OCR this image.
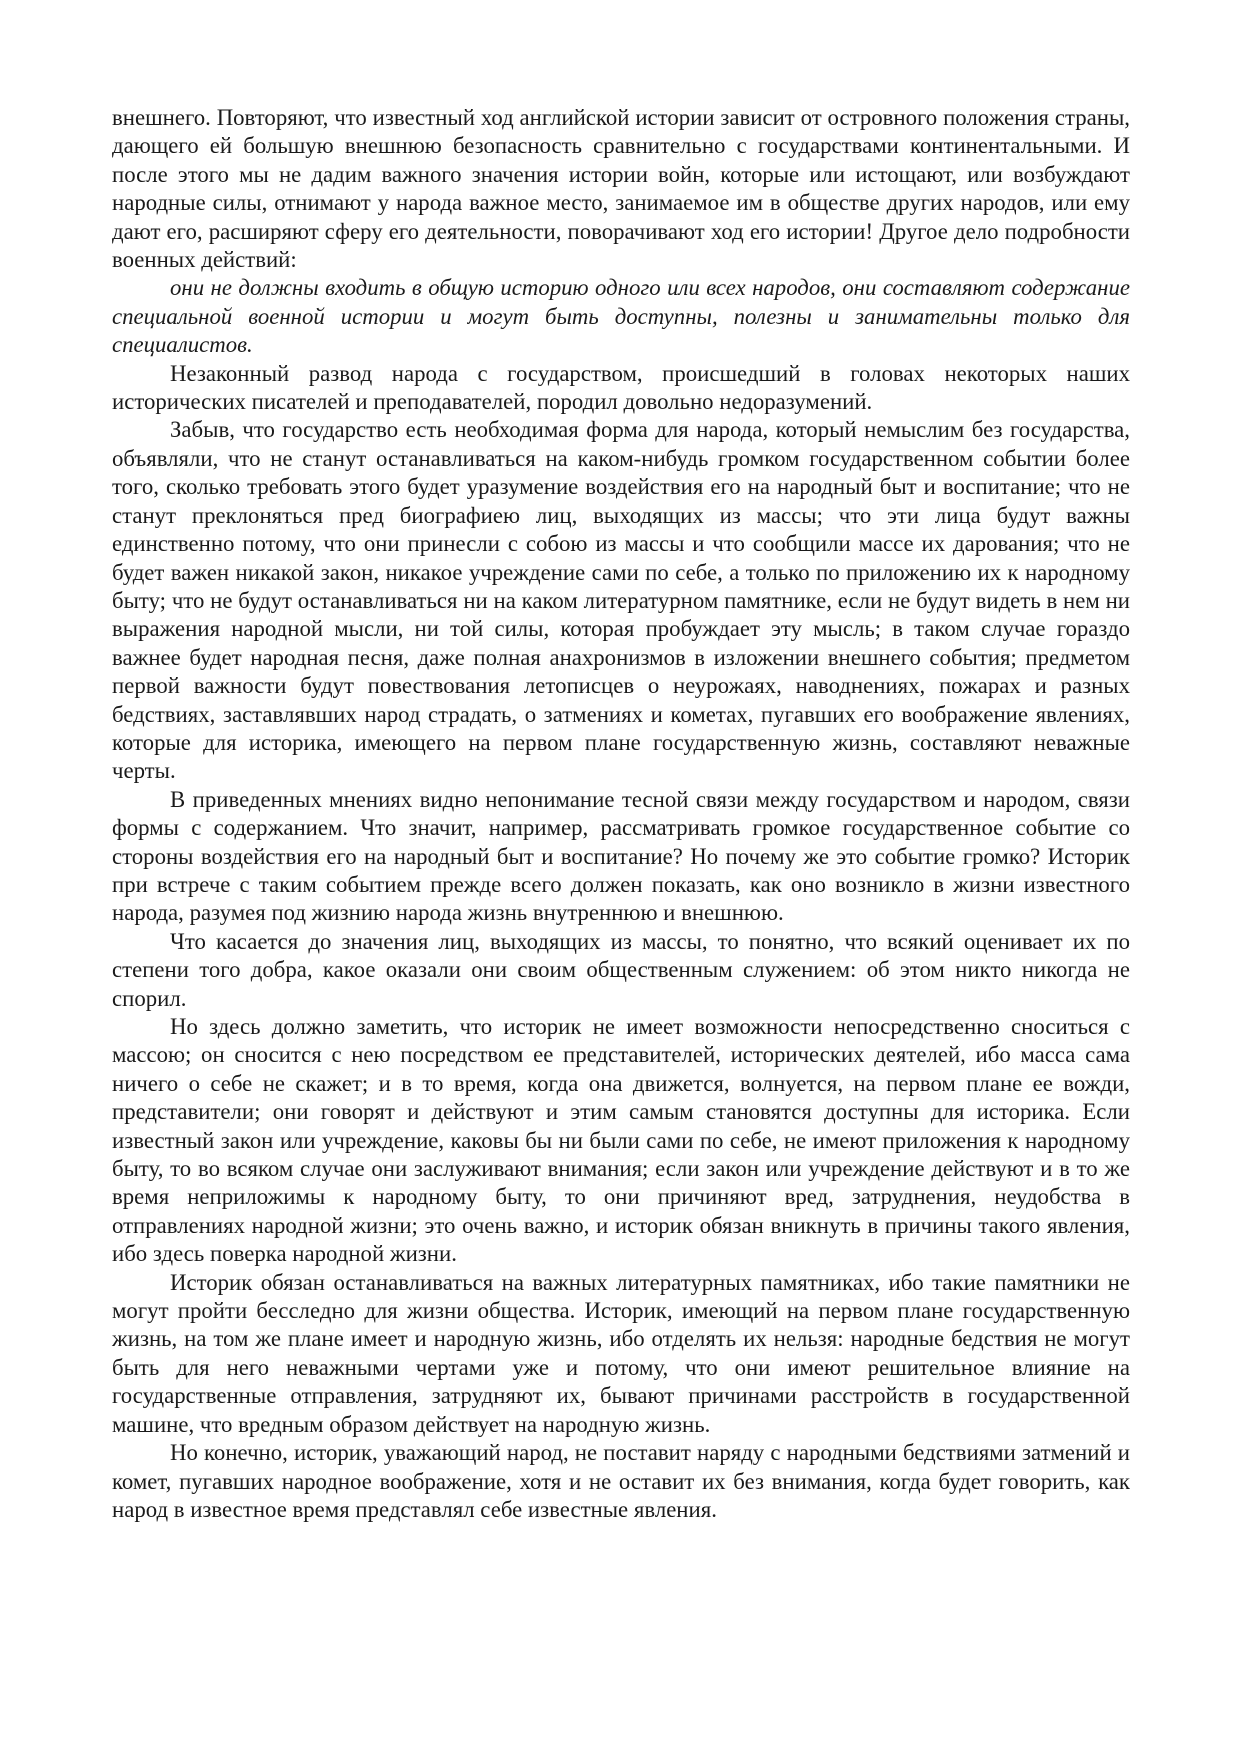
внешнего. Повторяют, что известный ход английской истории зависит от островного положения страны, дающего ей большую внешнюю безопасность сравнительно с государствами континентальными. И после этого мы не дадим важного значения истории войн, которые или истощают, или возбуждают народные силы, отнимают у народа важное место, занимаемое им в обществе других народов, или ему дают его, расширяют сферу его деятельности, поворачивают ход его истории! Другое дело подробности военных действий:

они не должны входить в общую историю одного или всех народов, они составляют содержание специальной военной истории и могут быть доступны, полезны и занимательны только для специалистов.

Незаконный развод народа с государством, происшедший в головах некоторых наших исторических писателей и преподавателей, породил довольно недоразумений.

Забыв, что государство есть необходимая форма для народа, который немыслим без государства, объявляли, что не станут останавливаться на каком-нибудь громком государственном событии более того, сколько требовать этого будет уразумение воздействия его на народный быт и воспитание; что не станут преклоняться пред биографиею лиц, выходящих из массы; что эти лица будут важны единственно потому, что они принесли с собою из массы и что сообщили массе их дарования; что не будет важен никакой закон, никакое учреждение сами по себе, а только по приложению их к народному быту; что не будут останавливаться ни на каком литературном памятнике, если не будут видеть в нем ни выражения народной мысли, ни той силы, которая пробуждает эту мысль; в таком случае гораздо важнее будет народная песня, даже полная анахронизмов в изложении внешнего события; предметом первой важности будут повествования летописцев о неурожаях, наводнениях, пожарах и разных бедствиях, заставлявших народ страдать, о затмениях и кометах, пугавших его воображение явлениях, которые для историка, имеющего на первом плане государственную жизнь, составляют неважные черты.

В приведенных мнениях видно непонимание тесной связи между государством и народом, связи формы с содержанием. Что значит, например, рассматривать громкое государственное событие со стороны воздействия его на народный быт и воспитание? Но почему же это событие громко? Историк при встрече с таким событием прежде всего должен показать, как оно возникло в жизни известного народа, разумея под жизнию народа жизнь внутреннюю и внешнюю.

Что касается до значения лиц, выходящих из массы, то понятно, что всякий оценивает их по степени того добра, какое оказали они своим общественным служением: об этом никто никогда не спорил.

Но здесь должно заметить, что историк не имеет возможности непосредственно сноситься с массою; он сносится с нею посредством ее представителей, исторических деятелей, ибо масса сама ничего о себе не скажет; и в то время, когда она движется, волнуется, на первом плане ее вожди, представители; они говорят и действуют и этим самым становятся доступны для историка. Если известный закон или учреждение, каковы бы ни были сами по себе, не имеют приложения к народному быту, то во всяком случае они заслуживают внимания; если закон или учреждение действуют и в то же время неприложимы к народному быту, то они причиняют вред, затруднения, неудобства в отправлениях народной жизни; это очень важно, и историк обязан вникнуть в причины такого явления, ибо здесь поверка народной жизни.

Историк обязан останавливаться на важных литературных памятниках, ибо такие памятники не могут пройти бесследно для жизни общества. Историк, имеющий на первом плане государственную жизнь, на том же плане имеет и народную жизнь, ибо отделять их нельзя: народные бедствия не могут быть для него неважными чертами уже и потому, что они имеют решительное влияние на государственные отправления, затрудняют их, бывают причинами расстройств в государственной машине, что вредным образом действует на народную жизнь.

Но конечно, историк, уважающий народ, не поставит наряду с народными бедствиями затмений и комет, пугавших народное воображение, хотя и не оставит их без внимания, когда будет говорить, как народ в известное время представлял себе известные явления.
